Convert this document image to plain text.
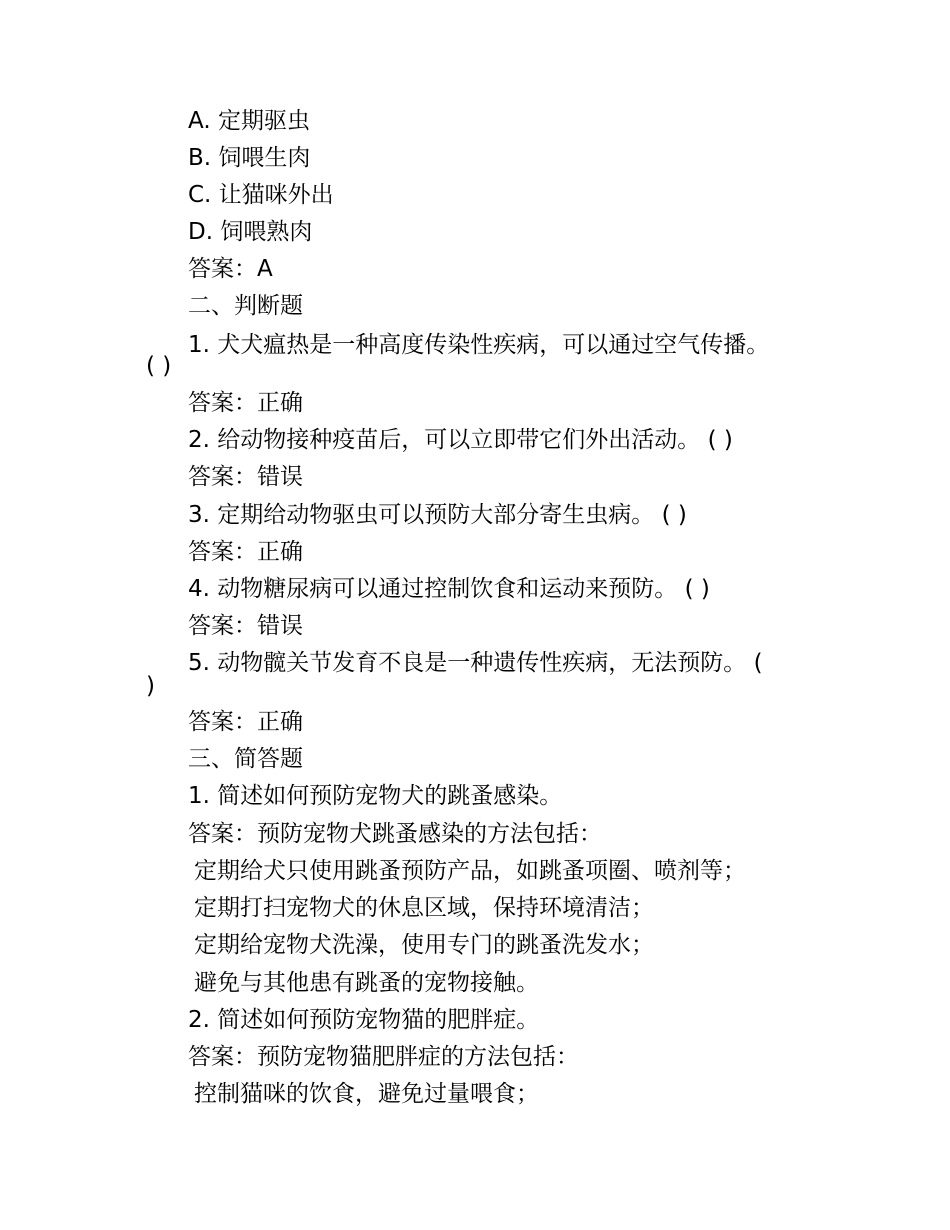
A. 定期驱虫
B. 饲喂生肉
C. 让猫咪外出
D. 饲喂熟肉
答案：A
二、判断题
1. 犬犬瘟热是一种高度传染性疾病，可以通过空气传播。
( )
答案：正确
2. 给动物接种疫苗后，可以立即带它们外出活动。 ( )
答案：错误
3. 定期给动物驱虫可以预防大部分寄生虫病。 ( )
答案：正确
4. 动物糖尿病可以通过控制饮食和运动来预防。 ( )
答案：错误
5. 动物髋关节发育不良是一种遗传性疾病，无法预防。 (
)
答案：正确
三、简答题
1. 简述如何预防宠物犬的跳蚤感染。
答案：预防宠物犬跳蚤感染的方法包括：
定期给犬只使用跳蚤预防产品，如跳蚤项圈、喷剂等；
定期打扫宠物犬的休息区域，保持环境清洁；
定期给宠物犬洗澡，使用专门的跳蚤洗发水；
避免与其他患有跳蚤的宠物接触。
2. 简述如何预防宠物猫的肥胖症。
答案：预防宠物猫肥胖症的方法包括：
控制猫咪的饮食，避免过量喂食；
